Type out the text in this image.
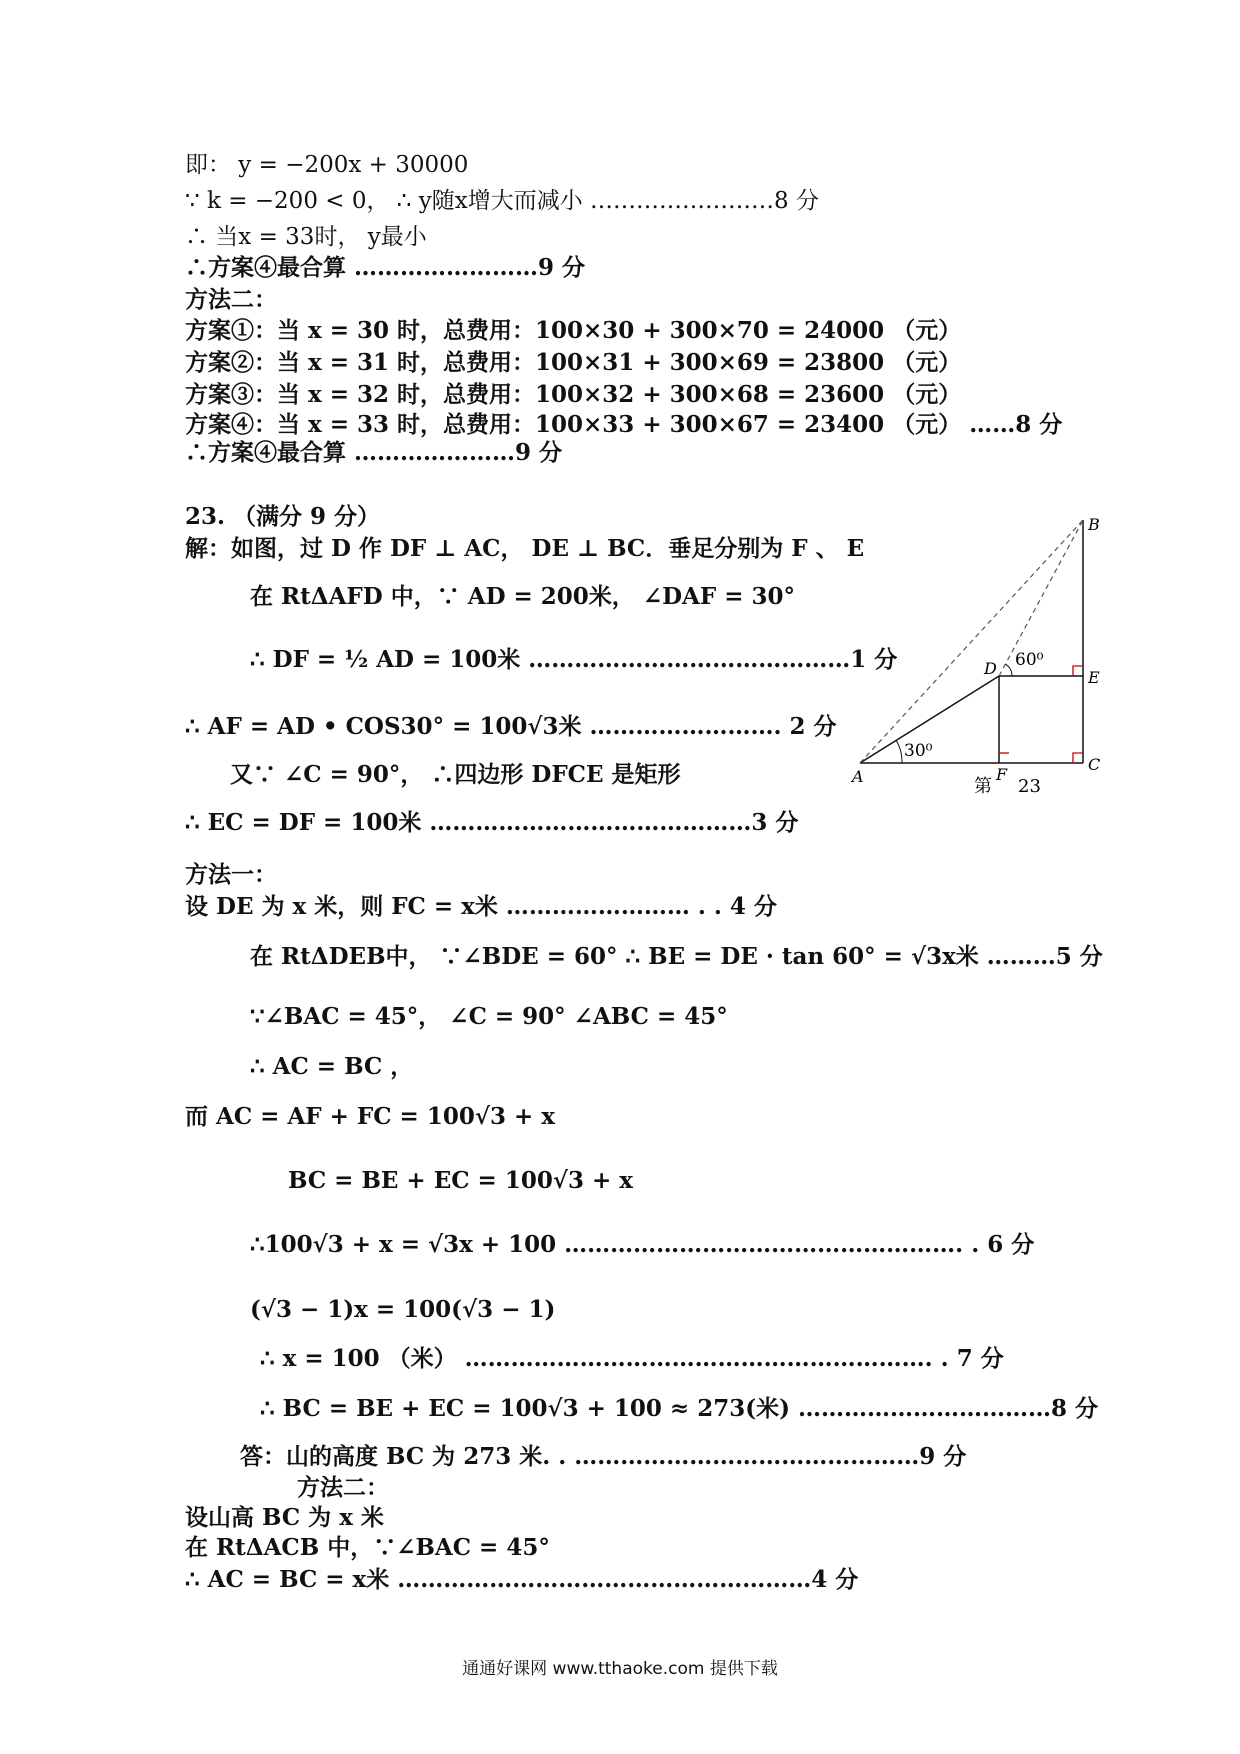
即： y = −200x + 30000
∵ k = −200 < 0， ∴ y随x增大而减小 ……………………8 分
∴ 当x = 33时， y最小
∴方案④最合算 ……………………9 分
方法二：
方案①：当 x = 30 时，总费用：100×30 + 300×70 = 24000 （元）
方案②：当 x = 31 时，总费用：100×31 + 300×69 = 23800 （元）
方案③：当 x = 32 时，总费用：100×32 + 300×68 = 23600 （元）
方案④：当 x = 33 时，总费用：100×33 + 300×67 = 23400 （元） ……8 分
∴方案④最合算 …………………9 分
23. （满分 9 分）
解：如图，过 D 作 DF ⊥ AC， DE ⊥ BC．垂足分别为 F 、 E
在 RtΔAFD 中，∵ AD = 200米， ∠DAF = 30°
∴ DF = ½ AD = 100米 ……………………………………1 分
∴ AF = AD • COS30° = 100√3米 ……………………. 2 分
又∵ ∠C = 90°， ∴四边形 DFCE 是矩形
∴ EC = DF = 100米 ……………………………………3 分
方法一：
设 DE 为 x 米，则 FC = x米 …………………… . . 4 分
在 RtΔDEB中， ∵∠BDE = 60° ∴ BE = DE · tan 60° = √3x米 ………5 分
∵∠BAC = 45°， ∠C = 90° ∠ABC = 45°
∴ AC = BC ，
而 AC = AF + FC = 100√3 + x
BC = BE + EC = 100√3 + x
∴100√3 + x = √3x + 100 ……………………………………………. . 6 分
(√3 − 1)x = 100(√3 − 1)
∴ x = 100 （米） ……………………………………………………. . 7 分
∴ BC = BE + EC = 100√3 + 100 ≈ 273(米) ……………………………8 分
答：山的高度 BC 为 273 米. . ………………………………………9 分
方法二：
设山高 BC 为 x 米
在 RtΔACB 中，∵∠BAC = 45°
∴ AC = BC = x米 ………………………………………………4 分
A
B
C
D	E
F
30⁰
60⁰
第 23
通通好课网 www.tthaoke.com 提供下载
